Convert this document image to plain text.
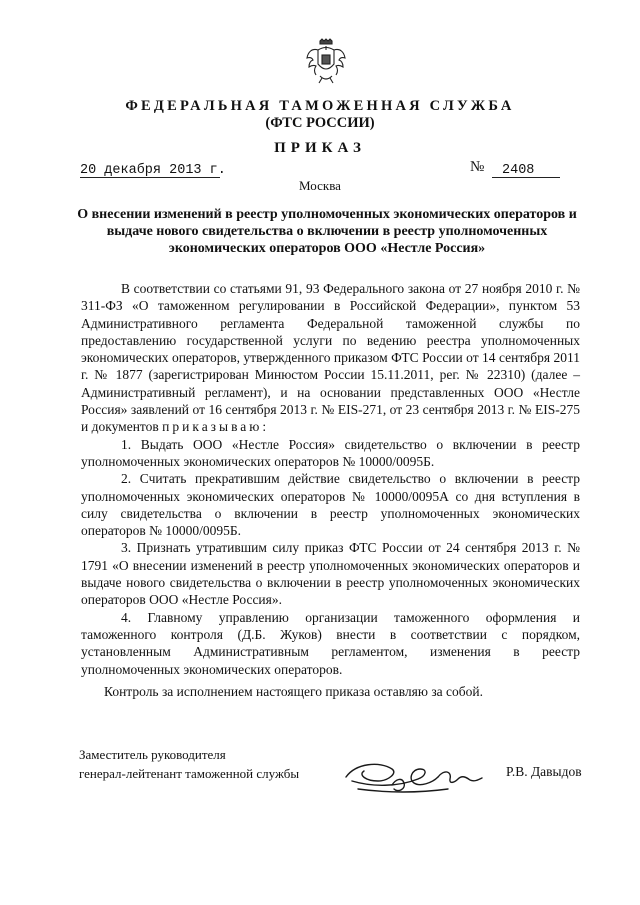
ФЕДЕРАЛЬНАЯ ТАМОЖЕННАЯ СЛУЖБА
(ФТС РОССИИ)
ПРИКАЗ
20 декабря 2013 г.	№	2408
Москва
О внесении изменений в реестр уполномоченных экономических операторов и выдаче нового свидетельства о включении в реестр уполномоченных экономических операторов ООО «Нестле Россия»

В соответствии со статьями 91, 93 Федерального закона от 27 ноября 2010 г. № 311-ФЗ «О таможенном регулировании в Российской Федерации», пунктом 53 Административного регламента Федеральной таможенной службы по предоставлению государственной услуги по ведению реестра уполномоченных экономических операторов, утвержденного приказом ФТС России от 14 сентября 2011 г. № 1877 (зарегистрирован Минюстом России 15.11.2011, рег. № 22310) (далее – Административный регламент), и на основании представленных ООО «Нестле Россия» заявлений от 16 сентября 2013 г. № EIS-271, от 23 сентября 2013 г. № EIS-275 и документов приказываю:

1. Выдать ООО «Нестле Россия» свидетельство о включении в реестр уполномоченных экономических операторов № 10000/0095Б.

2. Считать прекратившим действие свидетельство о включении в реестр уполномоченных экономических операторов № 10000/0095А со дня вступления в силу свидетельства о включении в реестр уполномоченных экономических операторов № 10000/0095Б.

3. Признать утратившим силу приказ ФТС России от 24 сентября 2013 г. № 1791 «О внесении изменений в реестр уполномоченных экономических операторов и выдаче нового свидетельства о включении в реестр уполномоченных экономических операторов ООО «Нестле Россия».

4. Главному управлению организации таможенного оформления и таможенного контроля (Д.Б. Жуков) внести в соответствии с порядком, установленным Административным регламентом, изменения в реестр уполномоченных экономических операторов.

Контроль за исполнением настоящего приказа оставляю за собой.
Заместитель руководителя
генерал-лейтенант таможенной службы	Р.В. Давыдов
